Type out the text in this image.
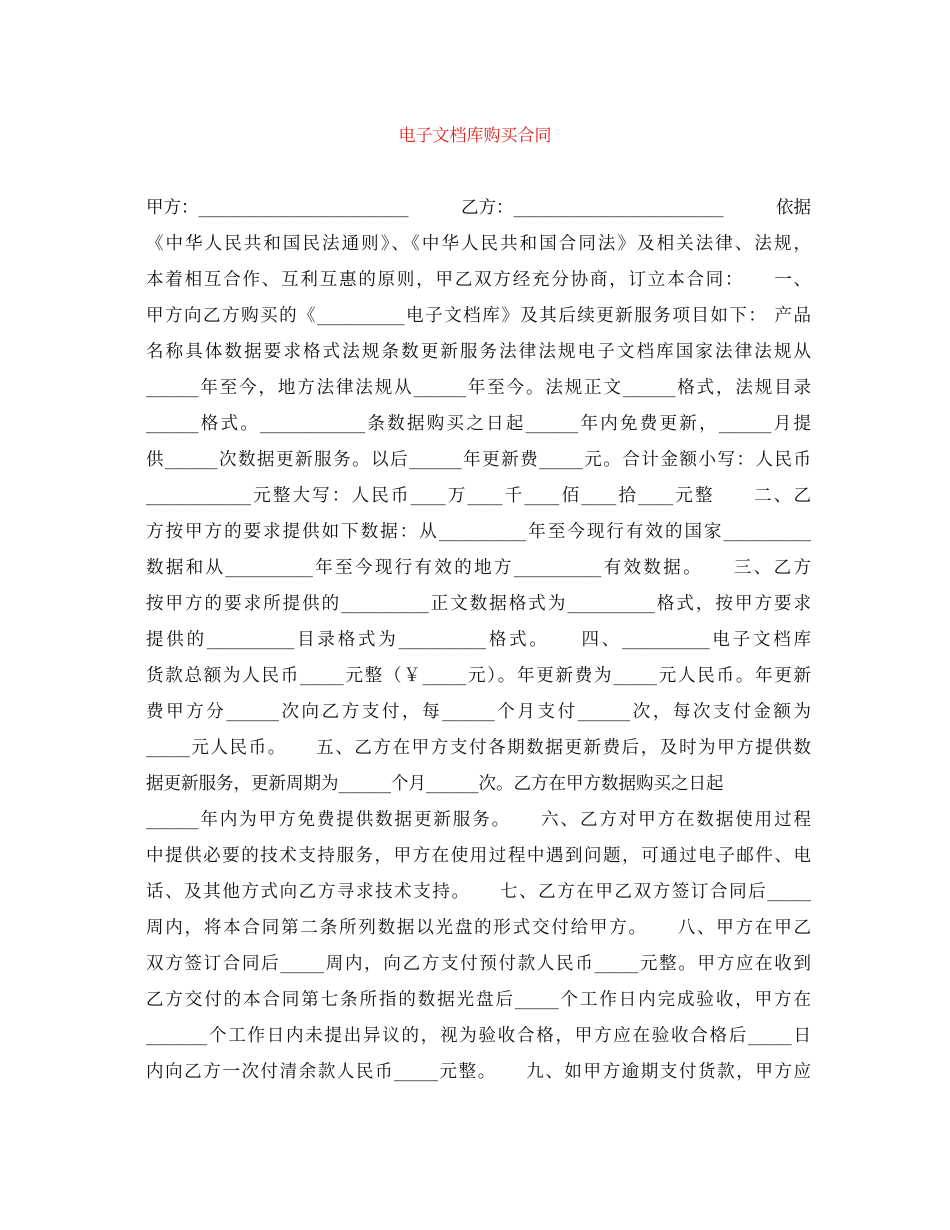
电子文档库购买合同
甲方：________________________　　　乙方：________________________　　　依据
《中华人民共和国民法通则》、《中华人民共和国合同法》及相关法律、法规，
本着相互合作、互利互惠的原则，甲乙双方经充分协商，订立本合同：　　一、
甲方向乙方购买的《__________电子文档库》及其后续更新服务项目如下： 产品
名称具体数据要求格式法规条数更新服务法律法规电子文档库国家法律法规从
______年至今，地方法律法规从______年至今。法规正文______格式，法规目录
______格式。____________条数据购买之日起______年内免费更新，______月提
供______次数据更新服务。以后______年更新费_____元。合计金额小写：人民币
____________元整大写：人民币____万____千____佰____拾____元整　　二、乙
方按甲方的要求提供如下数据：从__________年至今现行有效的国家__________
数据和从__________年至今现行有效的地方__________有效数据。　　三、乙方
按甲方的要求所提供的__________正文数据格式为__________格式，按甲方要求
提供的__________目录格式为__________格式。　　四、__________电子文档库
货款总额为人民币_____元整（￥_____元）。年更新费为_____元人民币。年更新
费甲方分______次向乙方支付，每______个月支付______次，每次支付金额为
_____元人民币。　　五、乙方在甲方支付各期数据更新费后，及时为甲方提供数
据更新服务，更新周期为______个月______次。乙方在甲方数据购买之日起
______年内为甲方免费提供数据更新服务。　　六、乙方对甲方在数据使用过程
中提供必要的技术支持服务，甲方在使用过程中遇到问题，可通过电子邮件、电
话、及其他方式向乙方寻求技术支持。　　七、乙方在甲乙双方签订合同后_____
周内，将本合同第二条所列数据以光盘的形式交付给甲方。　　八、甲方在甲乙
双方签订合同后_____周内，向乙方支付预付款人民币_____元整。甲方应在收到
乙方交付的本合同第七条所指的数据光盘后_____个工作日内完成验收，甲方在
_______个工作日内未提出异议的，视为验收合格，甲方应在验收合格后_____日
内向乙方一次付清余款人民币_____元整。　　九、如甲方逾期支付货款，甲方应
